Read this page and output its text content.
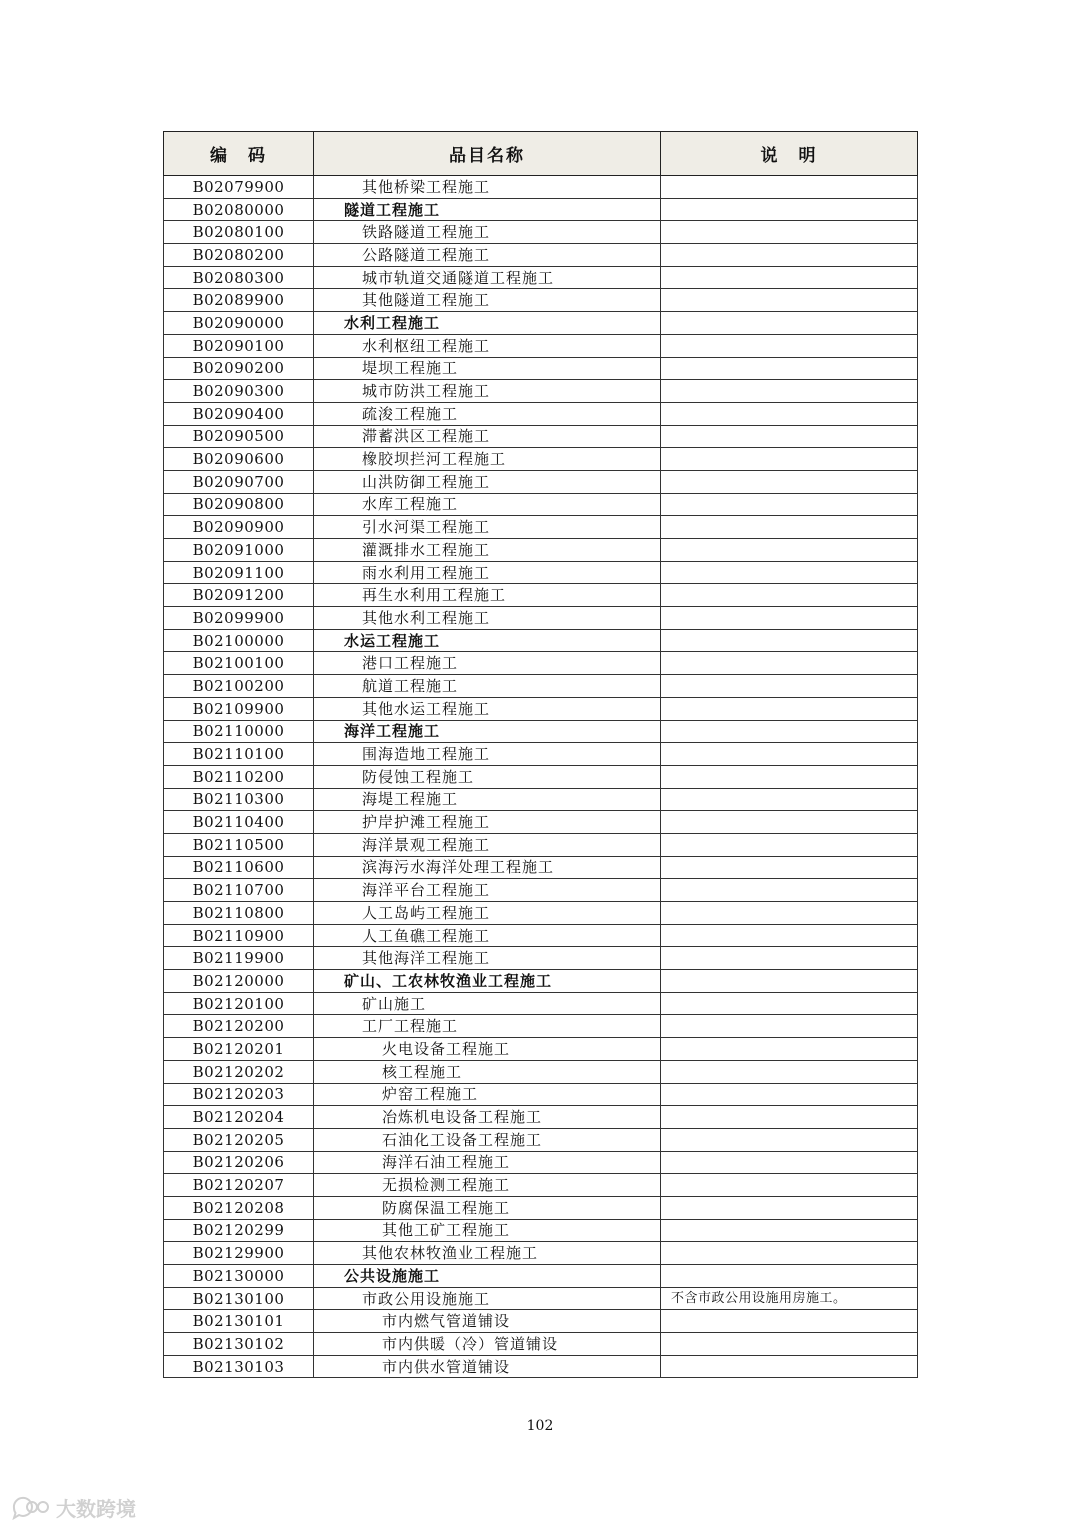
编　码	品目名称	说　明
B02079900	其他桥梁工程施工	
B02080000	隧道工程施工	
B02080100	铁路隧道工程施工	
B02080200	公路隧道工程施工	
B02080300	城市轨道交通隧道工程施工	
B02089900	其他隧道工程施工	
B02090000	水利工程施工	
B02090100	水利枢纽工程施工	
B02090200	堤坝工程施工	
B02090300	城市防洪工程施工	
B02090400	疏浚工程施工	
B02090500	滞蓄洪区工程施工	
B02090600	橡胶坝拦河工程施工	
B02090700	山洪防御工程施工	
B02090800	水库工程施工	
B02090900	引水河渠工程施工	
B02091000	灌溉排水工程施工	
B02091100	雨水利用工程施工	
B02091200	再生水利用工程施工	
B02099900	其他水利工程施工	
B02100000	水运工程施工	
B02100100	港口工程施工	
B02100200	航道工程施工	
B02109900	其他水运工程施工	
B02110000	海洋工程施工	
B02110100	围海造地工程施工	
B02110200	防侵蚀工程施工	
B02110300	海堤工程施工	
B02110400	护岸护滩工程施工	
B02110500	海洋景观工程施工	
B02110600	滨海污水海洋处理工程施工	
B02110700	海洋平台工程施工	
B02110800	人工岛屿工程施工	
B02110900	人工鱼礁工程施工	
B02119900	其他海洋工程施工	
B02120000	矿山、工农林牧渔业工程施工	
B02120100	矿山施工	
B02120200	工厂工程施工	
B02120201	火电设备工程施工	
B02120202	核工程施工	
B02120203	炉窑工程施工	
B02120204	冶炼机电设备工程施工	
B02120205	石油化工设备工程施工	
B02120206	海洋石油工程施工	
B02120207	无损检测工程施工	
B02120208	防腐保温工程施工	
B02120299	其他工矿工程施工	
B02129900	其他农林牧渔业工程施工	
B02130000	公共设施施工	
B02130100	市政公用设施施工	不含市政公用设施用房施工。
B02130101	市内燃气管道铺设	
B02130102	市内供暖（冷）管道铺设	
B02130103	市内供水管道铺设	
102
大数跨境
